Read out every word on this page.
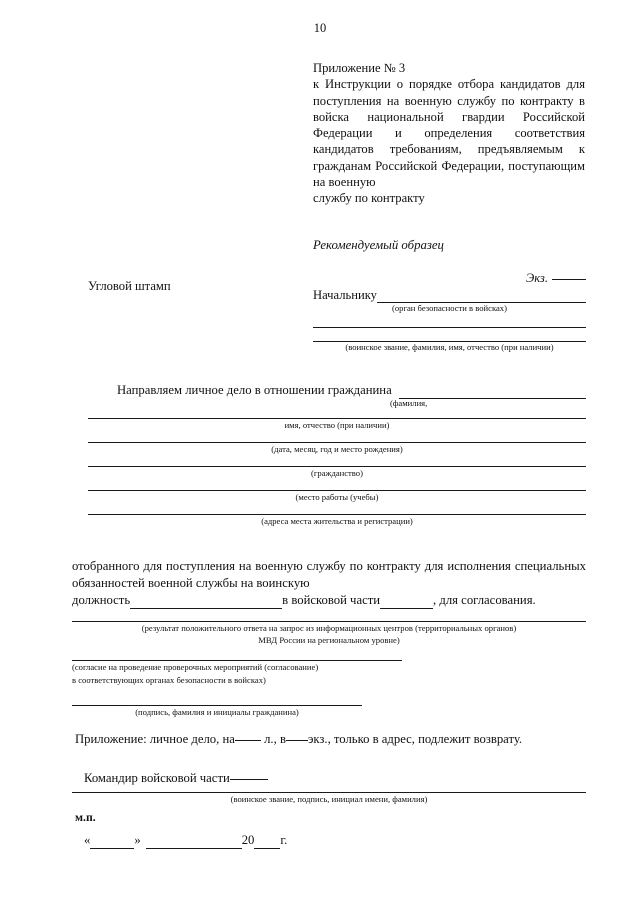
10
Приложение № 3
к Инструкции о порядке отбора кандидатов для поступления на военную службу по контракту в войска национальной гвардии Российской Федерации и определения соответствия кандидатов требованиям, предъявляемым к гражданам Российской Федерации, поступающим на военную
службу по контракту
Рекомендуемый образец
Угловой штамп
Экз.
Начальнику
(орган безопасности в войсках)
(воинское звание, фамилия, имя, отчество (при наличии)
Направляем личное дело в отношении гражданина
(фамилия,
имя, отчество (при наличии)
(дата, месяц, год и место рождения)
(гражданство)
(место работы (учебы)
(адреса места жительства и регистрации)
отобранного для поступления на военную службу по контракту для исполнения специальных обязанностей военной службы на воинскую
должность	в войсковой части	, для согласования.
(результат положительного ответа на запрос из информационных центров (территориальных органов)
МВД России на региональном уровне)
(согласие на проведение проверочных мероприятий (согласование)
в соответствующих органах безопасности в войсках)
(подпись, фамилия и инициалы гражданина)
Приложение: личное дело, на л., в экз., только в адрес, подлежит возврату.
Командир войсковой части
(воинское звание, подпись, инициал имени, фамилия)
м.п.
«	»	20 г.
